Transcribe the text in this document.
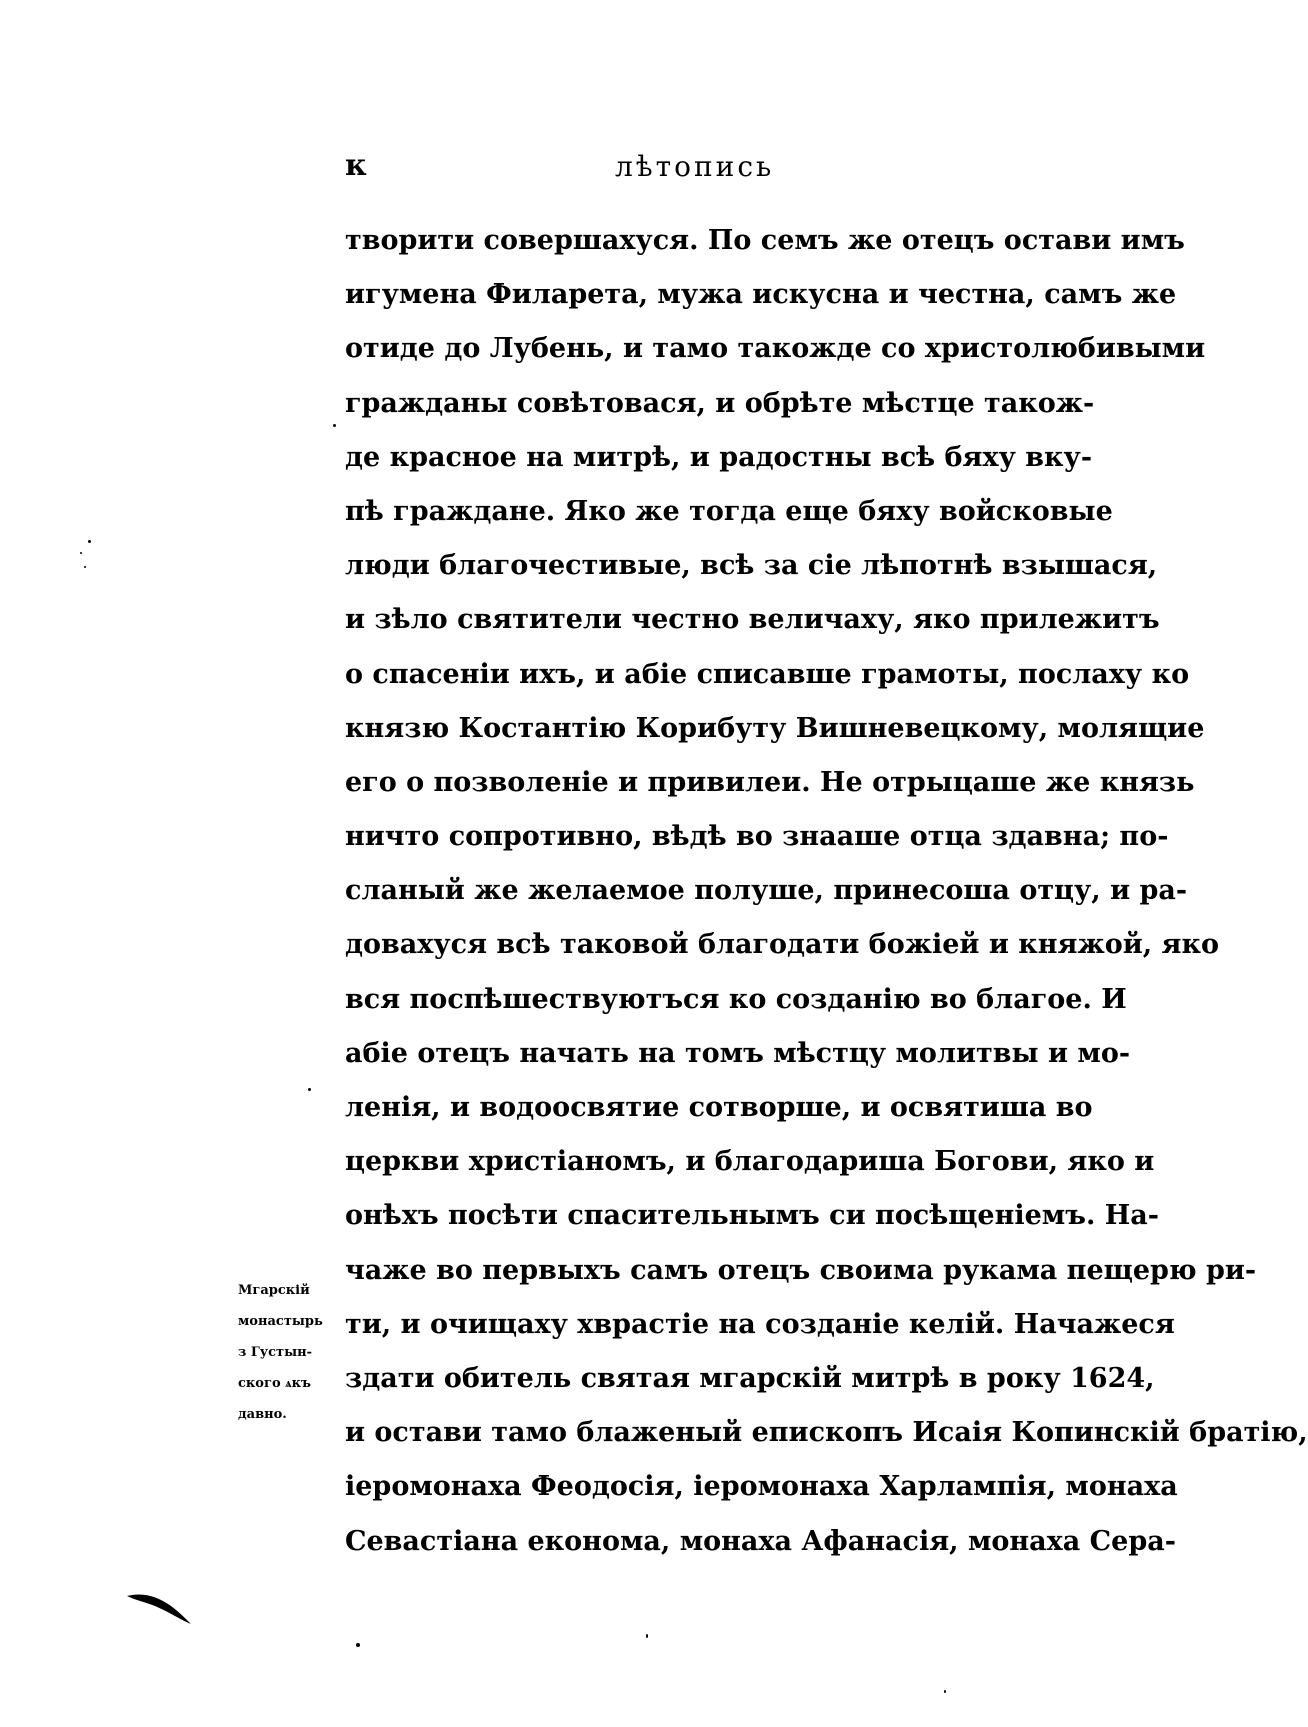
к	лѣтопись
творити совершахуся. По семъ же отецъ остави имъ
игумена Филарета, мужа искусна и честна, самъ же
отиде до Лубень, и тамо такожде со христолюбивыми
гражданы совѣтовася, и обрѣте мѣстце також-
де красное на митрѣ, и радостны всѣ бяху вку-
пѣ граждане. Яко же тогда еще бяху войсковые
люди благочестивые, всѣ за сіе лѣпотнѣ взышася,
и зѣло святители честно величаху, яко прилежитъ
о спасеніи ихъ, и абіе списавше грамоты, послаху ко
князю Костантію Корибуту Вишневецкому, молящие
его о позволеніе и привилеи. Не отрыцаше же князь
ничто сопротивно, вѣдѣ во знааше отца здавна; по-
сланый же желаемое полуше, принесоша отцу, и ра-
довахуся всѣ таковой благодати божіей и княжой, яко
вся поспѣшествуютъся ко созданію во благое. И
абіе отецъ начать на томъ мѣстцу молитвы и мо-
ленія, и водоосвятие сотворше, и освятиша во
церкви христіаномъ, и благодариша Богови, яко и
онѣхъ посѣти спасительнымъ си посѣщеніемъ. На-
чаже во первыхъ самъ отецъ своима рукама пещерю ри-
ти, и очищаху хврастіе на созданіе келій. Начажеся
здати обитель святая мгарскій митрѣ в року 1624,
и остави тамо блаженый епископъ Исаія Копинскій братію,
іеромонаха Феодосія, іеромонаха Харлампія, монаха
Севастіана економа, монаха Афанасія, монаха Сера-
Мгарскій
монастырь
з Густын-
ского ѧкъ
давно.
